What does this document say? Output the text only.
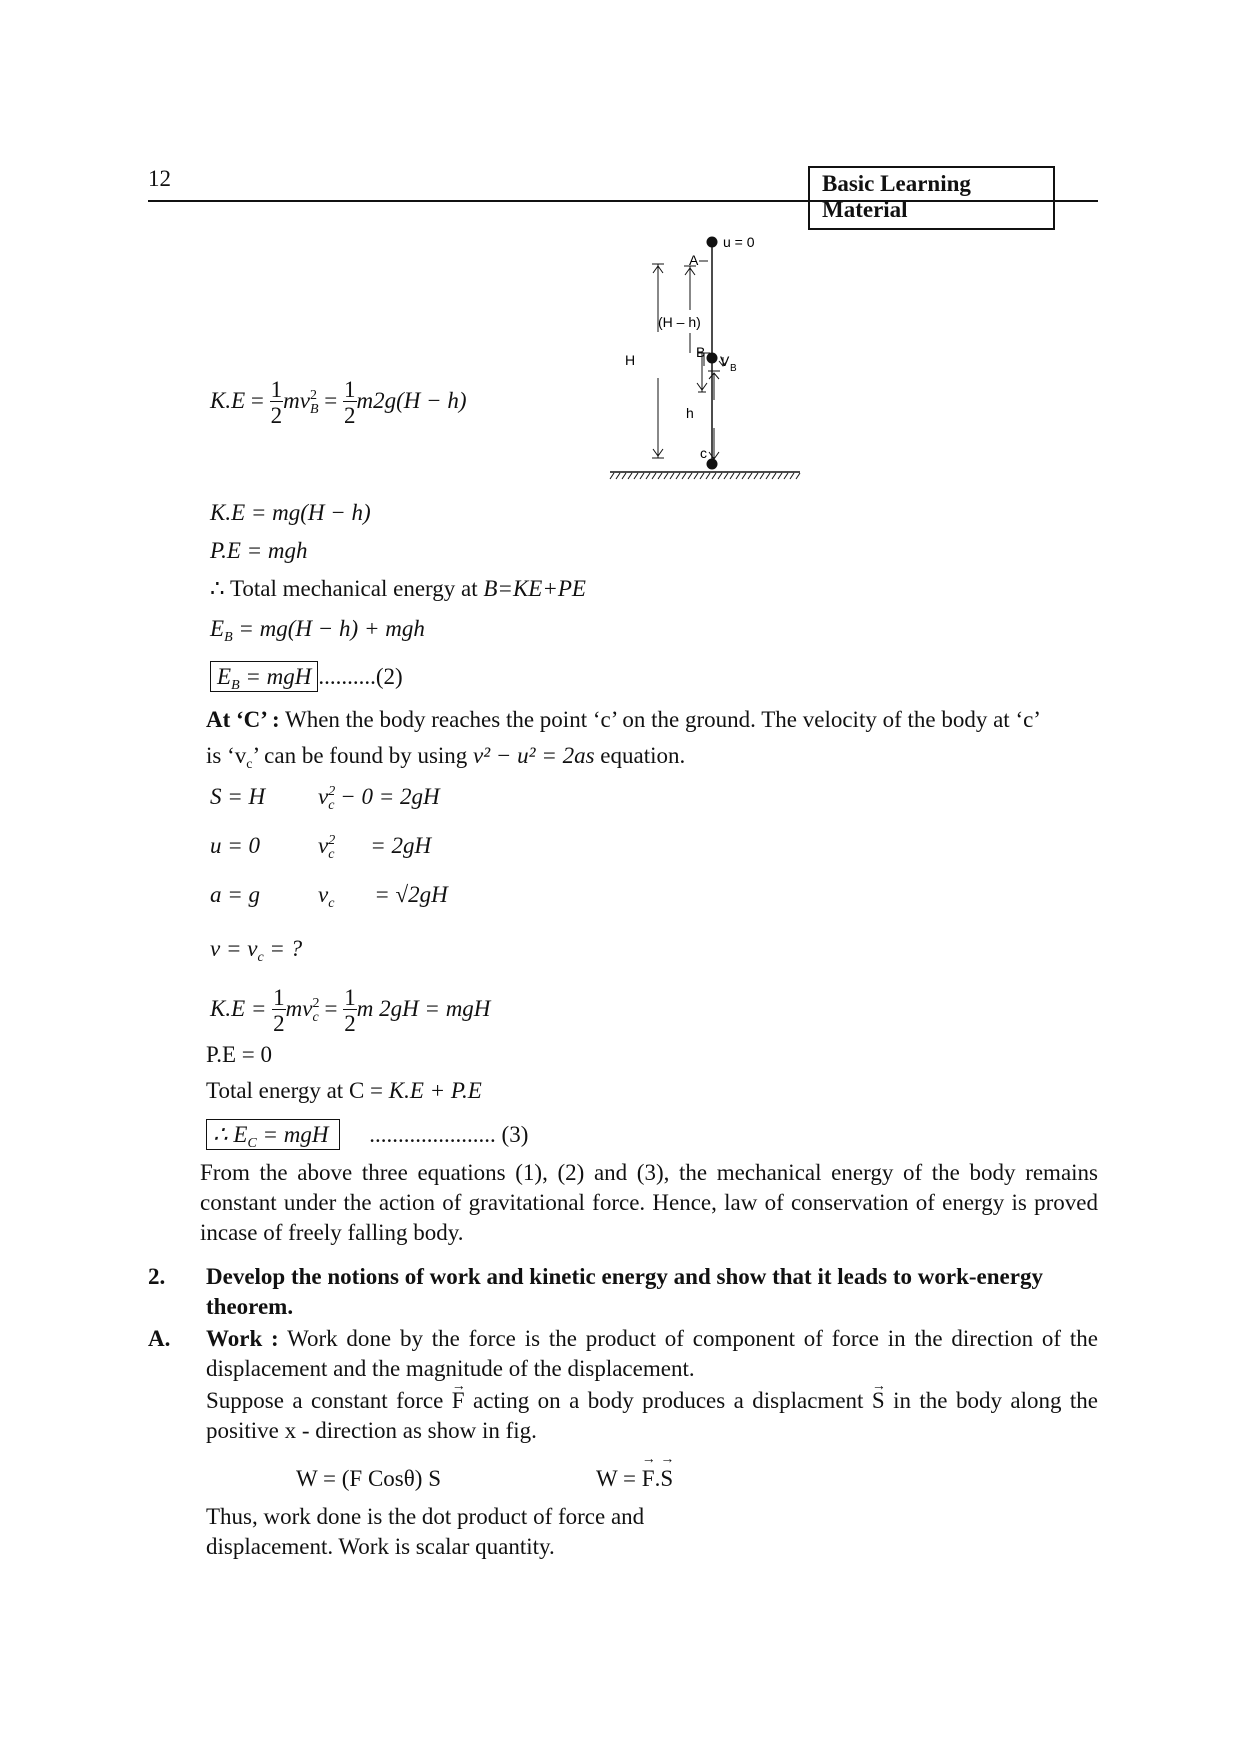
12	Basic Learning Material
u = 0
A
(H – h)
H	B
V B
h
c
$K.E = \frac{1}{2} mv^2_B = \frac{1}{2} m2g(H - h)$
K.E = mg(H − h)
P.E = mgh
∴ Total mechanical energy at B=KE+PE
$E_B = mg(H - h)$ + mgh
$E_B$ = mgH ..........(2)
At ‘C’ : When the body reaches the point ‘c’ on the ground. The velocity of the body at ‘c’
is ‘$v_c$’ can be found by using v² − u² = 2as equation.
S = H
u = 0
a = g
$v^2_c - 0 = 2gH$
$v^2_c = 2gH$
$v_c = √2gH$
$v = v_c$ = ?
$K.E = \frac{1}{2} mv^2_c = \frac{1}{2}$ m 2gH = mgH
P.E = 0
Total energy at C = K.E + P.E
∴ $E_C$ = mgH ...................... (3)
From the above three equations (1), (2) and (3), the mechanical energy of the body remains constant under the action of gravitational force. Hence, law of conservation of energy is proved incase of freely falling body.
2. Develop the notions of work and kinetic energy and show that it leads to work-energy theorem.
A. Work : Work done by the force is the product of component of force in the direction of the displacement and the magnitude of the displacement.
Suppose a constant force → F acting on a body produces a displacment → S in the body along the positive x - direction as show in fig.
W = (F Cosθ) S	W = → F.→ S
Thus, work done is the dot product of force and displacement. Work is scalar quantity.
